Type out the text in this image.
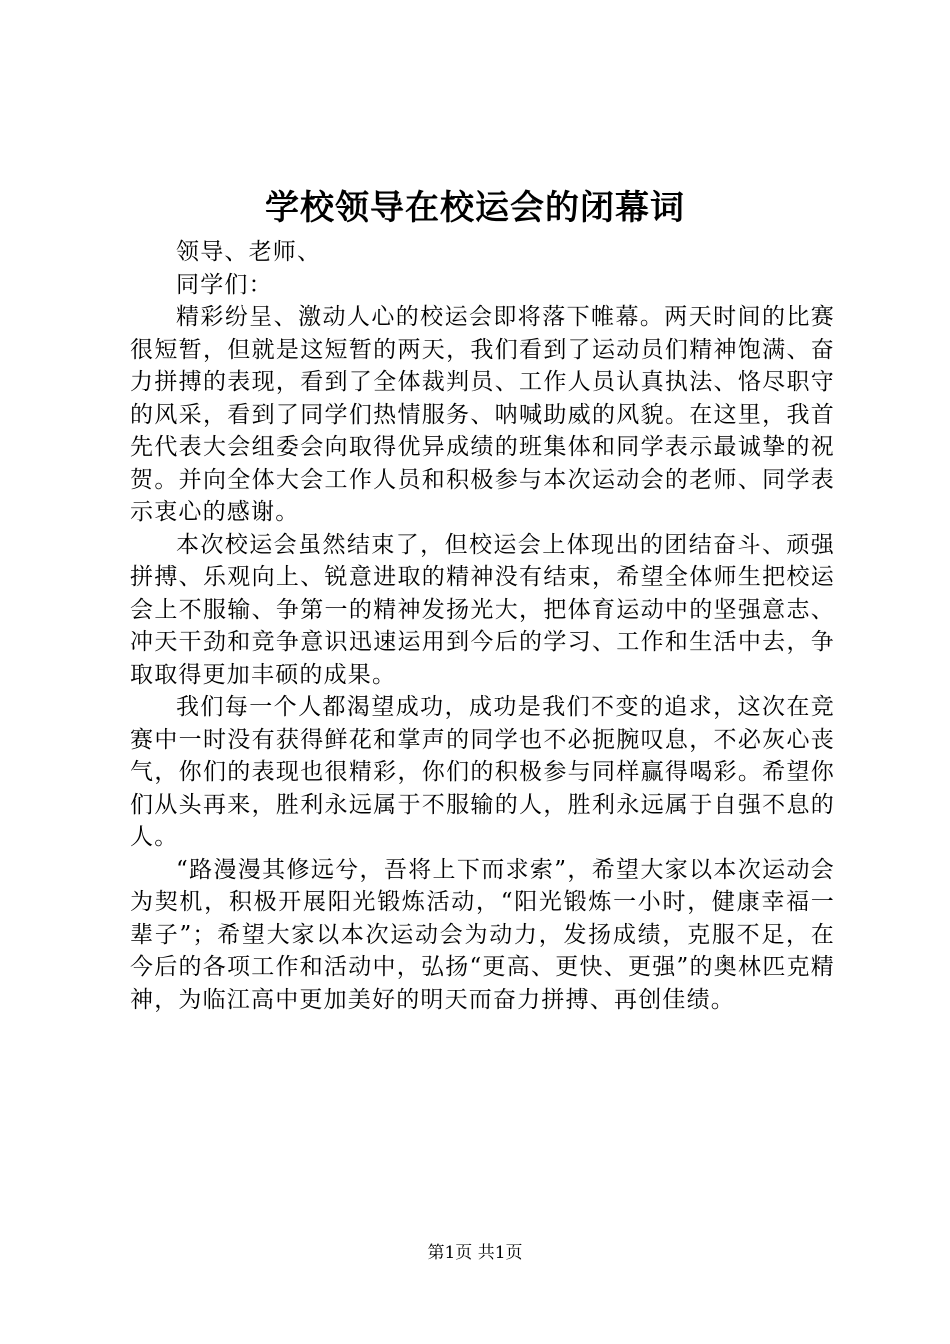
学校领导在校运会的闭幕词

领导、老师、

同学们：

精彩纷呈、激动人心的校运会即将落下帷幕。两天时间的比赛很短暂，但就是这短暂的两天，我们看到了运动员们精神饱满、奋力拼搏的表现，看到了全体裁判员、工作人员认真执法、恪尽职守的风采，看到了同学们热情服务、呐喊助威的风貌。在这里，我首先代表大会组委会向取得优异成绩的班集体和同学表示最诚挚的祝贺。并向全体大会工作人员和积极参与本次运动会的老师、同学表示衷心的感谢。

本次校运会虽然结束了，但校运会上体现出的团结奋斗、顽强拼搏、乐观向上、锐意进取的精神没有结束，希望全体师生把校运会上不服输、争第一的精神发扬光大，把体育运动中的坚强意志、冲天干劲和竞争意识迅速运用到今后的学习、工作和生活中去，争取取得更加丰硕的成果。

我们每一个人都渴望成功，成功是我们不变的追求，这次在竞赛中一时没有获得鲜花和掌声的同学也不必扼腕叹息，不必灰心丧气，你们的表现也很精彩，你们的积极参与同样赢得喝彩。希望你们从头再来，胜利永远属于不服输的人，胜利永远属于自强不息的人。

“路漫漫其修远兮，吾将上下而求索”，希望大家以本次运动会为契机，积极开展阳光锻炼活动，“阳光锻炼一小时，健康幸福一辈子”；希望大家以本次运动会为动力，发扬成绩，克服不足，在今后的各项工作和活动中，弘扬“更高、更快、更强”的奥林匹克精神，为临江高中更加美好的明天而奋力拼搏、再创佳绩。

第1页 共1页
